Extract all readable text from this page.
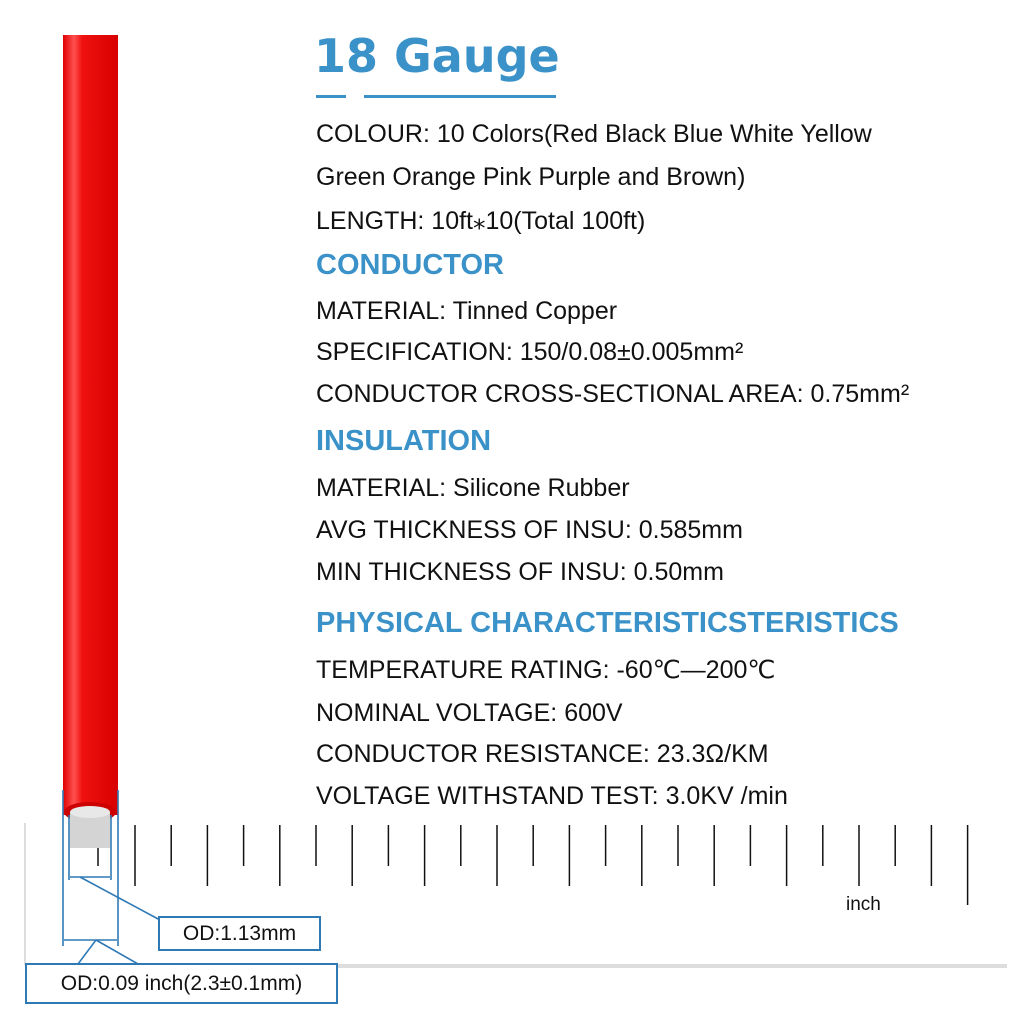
18 Gauge
COLOUR: 10 Colors(Red Black Blue White Yellow
Green Orange Pink Purple and Brown)
LENGTH: 10ft⁎10(Total 100ft)
CONDUCTOR
MATERIAL: Tinned Copper
SPECIFICATION: 150/0.08±0.005mm²
CONDUCTOR CROSS-SECTIONAL AREA: 0.75mm²
INSULATION
MATERIAL: Silicone Rubber
AVG THICKNESS OF INSU: 0.585mm
MIN THICKNESS OF INSU: 0.50mm
PHYSICAL CHARACTERISTICSTERISTICS
TEMPERATURE RATING: -60℃—200℃
NOMINAL VOLTAGE: 600V
CONDUCTOR RESISTANCE: 23.3Ω/KM
VOLTAGE WITHSTAND TEST: 3.0KV /min
inch
OD:1.13mm
OD:0.09 inch(2.3±0.1mm)
